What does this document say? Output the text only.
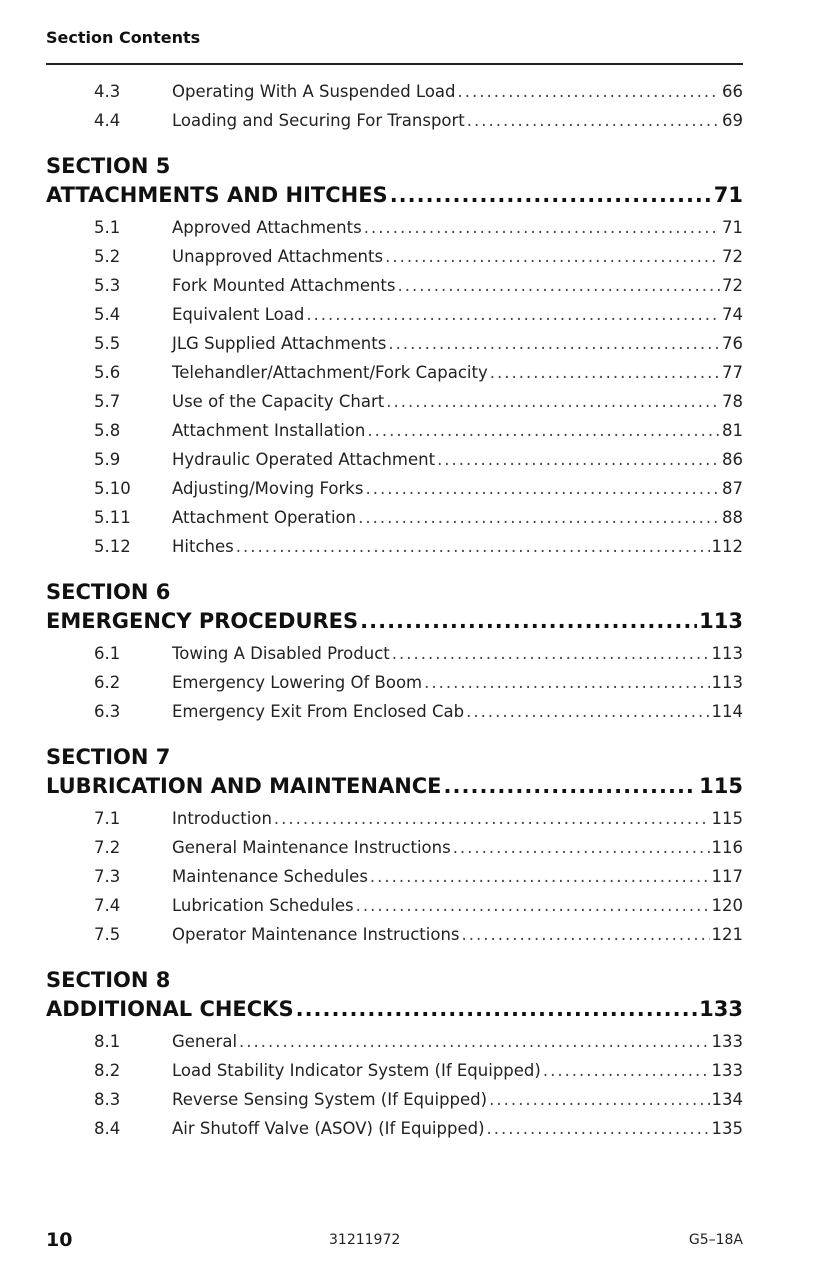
Section Contents
4.3	Operating With A Suspended Load .....	66
4.4	Loading and Securing For Transport .....	69
SECTION 5
ATTACHMENTS AND HITCHES .....	71
5.1	Approved Attachments .....	71
5.2	Unapproved Attachments .....	72
5.3	Fork Mounted Attachments .....	72
5.4	Equivalent Load .....	74
5.5	JLG Supplied Attachments .....	76
5.6	Telehandler/Attachment/Fork Capacity .....	77
5.7	Use of the Capacity Chart .....	78
5.8	Attachment Installation .....	81
5.9	Hydraulic Operated Attachment .....	86
5.10	Adjusting/Moving Forks .....	87
5.11	Attachment Operation .....	88
5.12	Hitches .....	112
SECTION 6
EMERGENCY PROCEDURES .....	113
6.1	Towing A Disabled Product .....	113
6.2	Emergency Lowering Of Boom .....	113
6.3	Emergency Exit From Enclosed Cab .....	114
SECTION 7
LUBRICATION AND MAINTENANCE .....	115
7.1	Introduction .....	115
7.2	General Maintenance Instructions .....	116
7.3	Maintenance Schedules .....	117
7.4	Lubrication Schedules .....	120
7.5	Operator Maintenance Instructions .....	121
SECTION 8
ADDITIONAL CHECKS .....	133
8.1	General .....	133
8.2	Load Stability Indicator System (If Equipped) .....	133
8.3	Reverse Sensing System (If Equipped) .....	134
8.4	Air Shutoff Valve (ASOV) (If Equipped) .....	135
10	31211972	G5–18A
